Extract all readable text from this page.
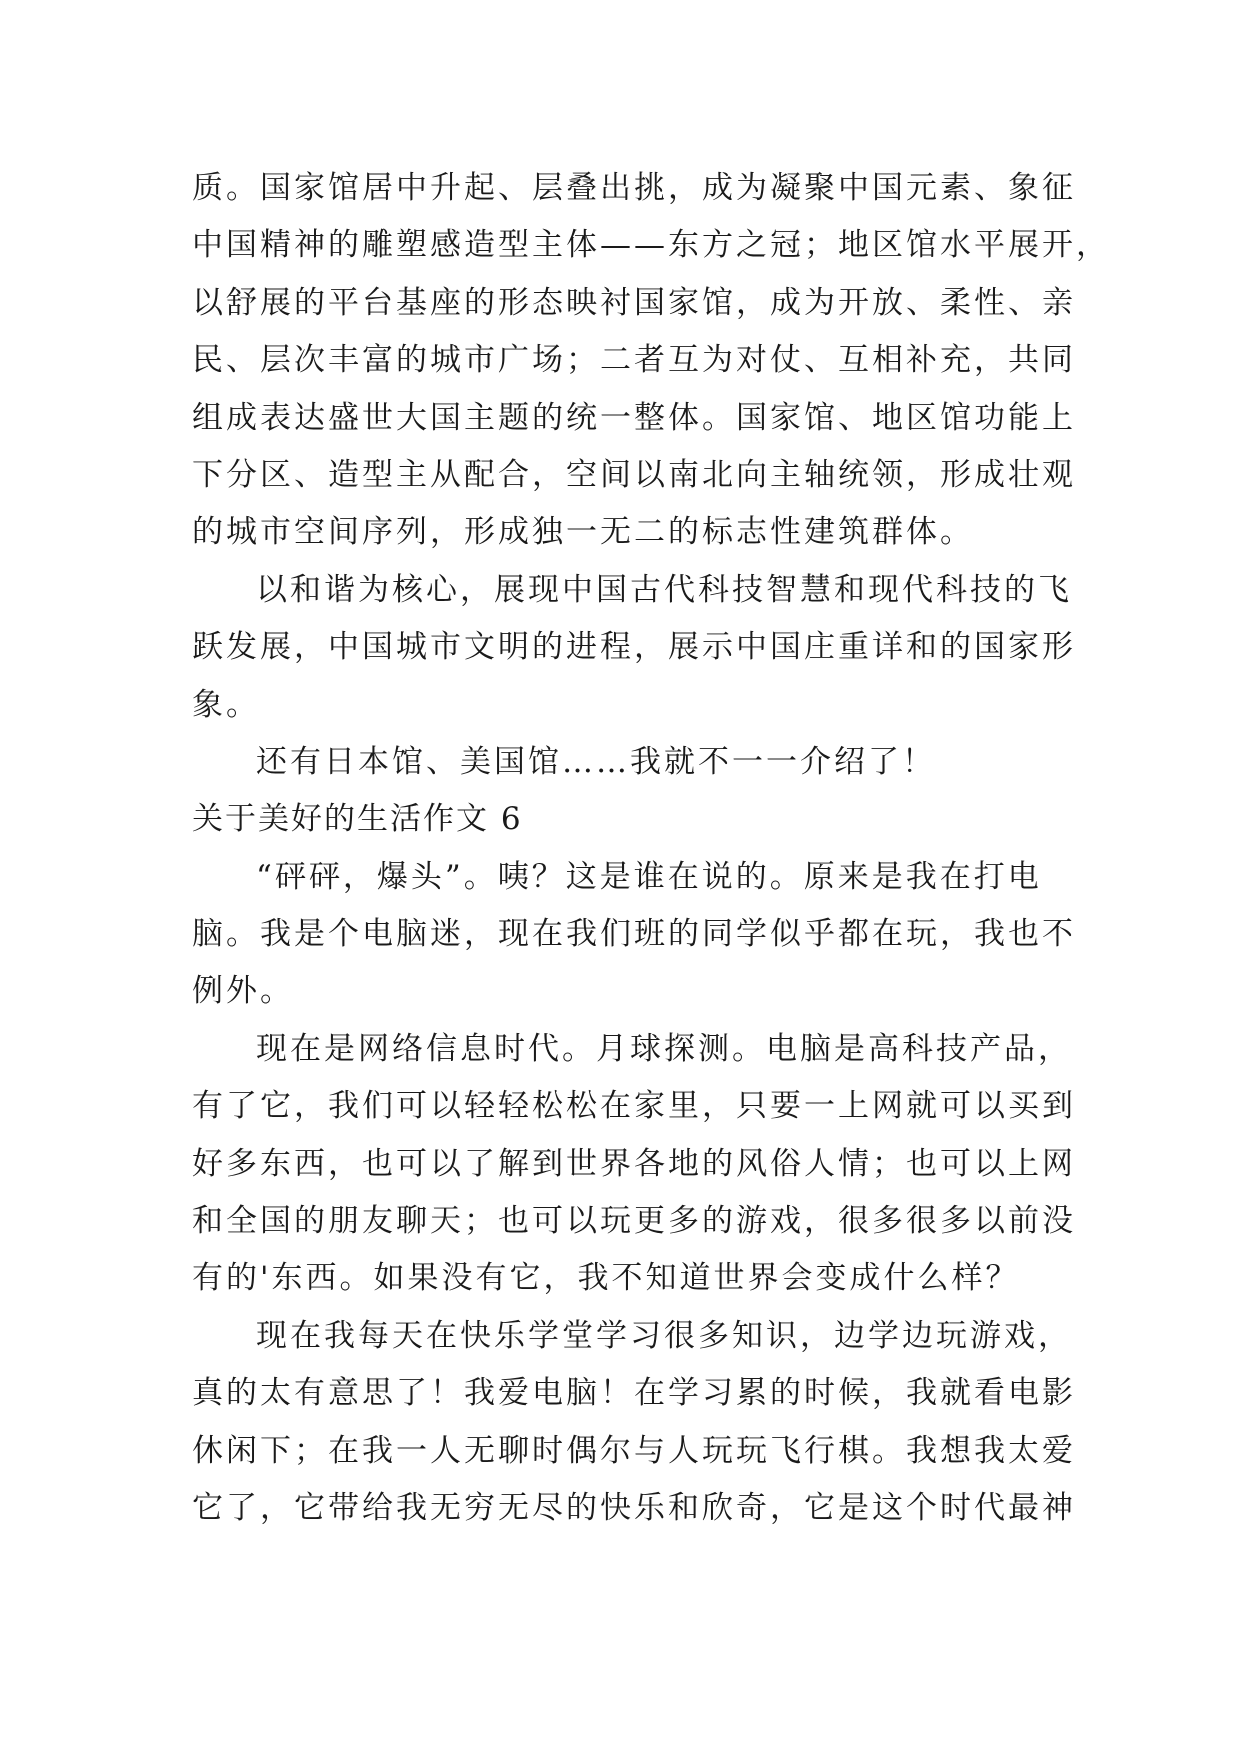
质。国家馆居中升起、层叠出挑，成为凝聚中国元素、象征
中国精神的雕塑感造型主体——东方之冠；地区馆水平展开，
以舒展的平台基座的形态映衬国家馆，成为开放、柔性、亲
民、层次丰富的城市广场；二者互为对仗、互相补充，共同
组成表达盛世大国主题的统一整体。国家馆、地区馆功能上
下分区、造型主从配合，空间以南北向主轴统领，形成壮观
的城市空间序列，形成独一无二的标志性建筑群体。
以和谐为核心，展现中国古代科技智慧和现代科技的飞
跃发展，中国城市文明的进程，展示中国庄重详和的国家形
象。
还有日本馆、美国馆……我就不一一介绍了！
关于美好的生活作文 6
“砰砰，爆头”。咦？这是谁在说的。原来是我在打电
脑。我是个电脑迷，现在我们班的同学似乎都在玩，我也不
例外。
现在是网络信息时代。月球探测。电脑是高科技产品，
有了它，我们可以轻轻松松在家里，只要一上网就可以买到
好多东西，也可以了解到世界各地的风俗人情；也可以上网
和全国的朋友聊天；也可以玩更多的游戏，很多很多以前没
有的'东西。如果没有它，我不知道世界会变成什么样？
现在我每天在快乐学堂学习很多知识，边学边玩游戏，
真的太有意思了！我爱电脑！在学习累的时候，我就看电影
休闲下；在我一人无聊时偶尔与人玩玩飞行棋。我想我太爱
它了，它带给我无穷无尽的快乐和欣奇，它是这个时代最神
